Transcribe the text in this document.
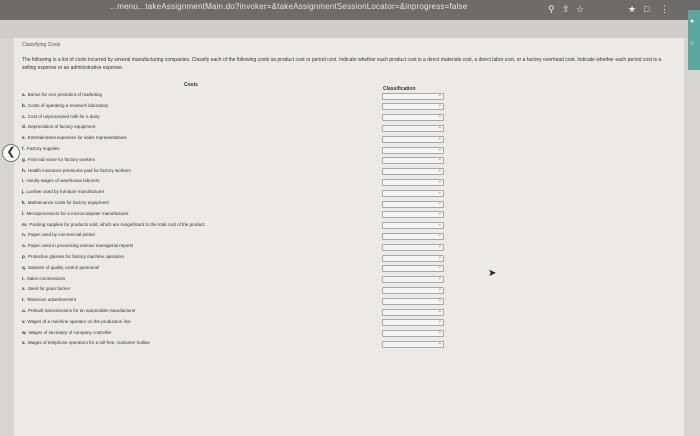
...menu...takeAssignmentMain.do?invoker=&takeAssignmentSessionLocator=&inprogress=false	⚲ ⇧ ☆	★ □ ⋮
●
○
Classifying Costs
The following is a list of costs incurred by several manufacturing companies. Classify each of the following costs as product cost or period cost. Indicate whether each product cost is a direct materials cost, a direct labor cost, or a factory overhead cost. Indicate whether each period cost is a selling expense or an administrative expense.
Costs
Classification
a. Bonus for vice president of marketing	⌄
b. Costs of operating a research laboratory	⌄
c. Cost of unprocessed milk for a dairy	⌄
d. Depreciation of factory equipment	⌄
e. Entertainment expenses for sales representatives	⌄
f. Factory supplies	⌄
g. First-aid nurse for factory workers	⌄
h. Health insurance premiums paid for factory workers	⌄
i. Hourly wages of warehouse laborers	⌄
j. Lumber used by furniture manufacturer	⌄
k. Maintenance costs for factory equipment	⌄
l. Microprocessors for a microcomputer manufacturer	⌄
m. Packing supplies for products sold, which are insignificant to the total cost of the product	⌄
n. Paper used by commercial printer	⌄
o. Paper used in processing various managerial reports	⌄
p. Protective glasses for factory machine operators	⌄
q. Salaries of quality control personnel	⌄
r. Sales commissions	⌄
s. Seed for grain farmer	⌄
t. Television advertisement	⌄
u. Prebuilt transmissions for an automobile manufacturer	⌄
v. Wages of a machine operator on the production line	⌄
w. Wages of secretary of company controller	⌄
x. Wages of telephone operators for a toll-free, customer hotline	⌄
❮
➤
